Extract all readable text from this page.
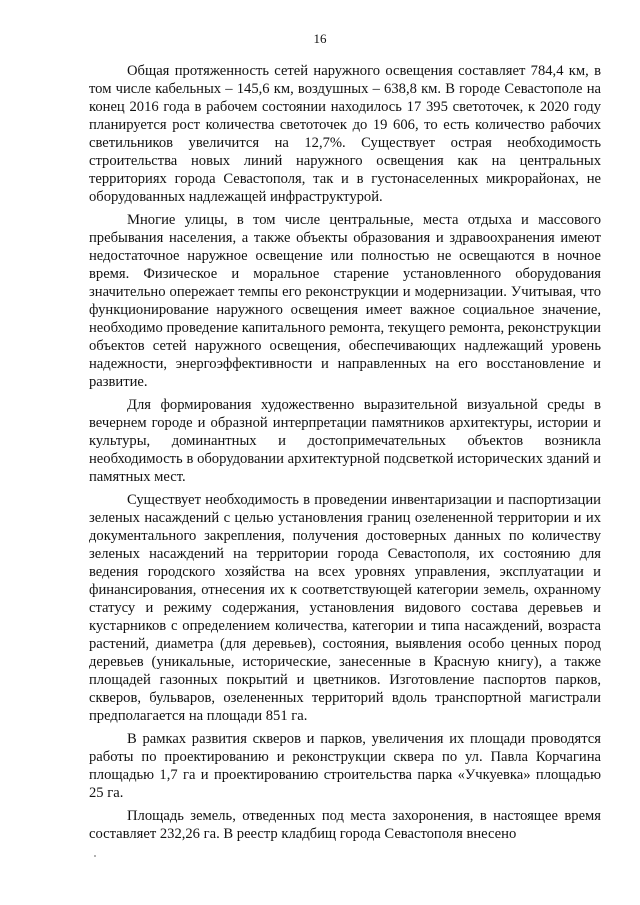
16

Общая протяженность сетей наружного освещения составляет 784,4 км, в том числе кабельных – 145,6 км, воздушных – 638,8 км. В городе Севастополе на конец 2016 года в рабочем состоянии находилось 17 395 светоточек, к 2020 году планируется рост количества светоточек до 19 606, то есть количество рабочих светильников увеличится на 12,7%. Существует острая необходимость строительства новых линий наружного освещения как на центральных территориях города Севастополя, так и в густонаселенных микрорайонах, не оборудованных надлежащей инфраструктурой.

Многие улицы, в том числе центральные, места отдыха и массового пребывания населения, а также объекты образования и здравоохранения имеют недостаточное наружное освещение или полностью не освещаются в ночное время. Физическое и моральное старение установленного оборудования значительно опережает темпы его реконструкции и модернизации. Учитывая, что функционирование наружного освещения имеет важное социальное значение, необходимо проведение капитального ремонта, текущего ремонта, реконструкции объектов сетей наружного освещения, обеспечивающих надлежащий уровень надежности, энергоэффективности и направленных на его восстановление и развитие.

Для формирования художественно выразительной визуальной среды в вечернем городе и образной интерпретации памятников архитектуры, истории и культуры, доминантных и достопримечательных объектов возникла необходимость в оборудовании архитектурной подсветкой исторических зданий и памятных мест.

Существует необходимость в проведении инвентаризации и паспортизации зеленых насаждений с целью установления границ озелененной территории и их документального закрепления, получения достоверных данных по количеству зеленых насаждений на территории города Севастополя, их состоянию для ведения городского хозяйства на всех уровнях управления, эксплуатации и финансирования, отнесения их к соответствующей категории земель, охранному статусу и режиму содержания, установления видового состава деревьев и кустарников с определением количества, категории и типа насаждений, возраста растений, диаметра (для деревьев), состояния, выявления особо ценных пород деревьев (уникальные, исторические, занесенные в Красную книгу), а также площадей газонных покрытий и цветников. Изготовление паспортов парков, скверов, бульваров, озелененных территорий вдоль транспортной магистрали предполагается на площади 851 га.

В рамках развития скверов и парков, увеличения их площади проводятся работы по проектированию и реконструкции сквера по ул. Павла Корчагина площадью 1,7 га и проектированию строительства парка «Учкуевка» площадью 25 га.

Площадь земель, отведенных под места захоронения, в настоящее время составляет 232,26 га. В реестр кладбищ города Севастополя внесено
